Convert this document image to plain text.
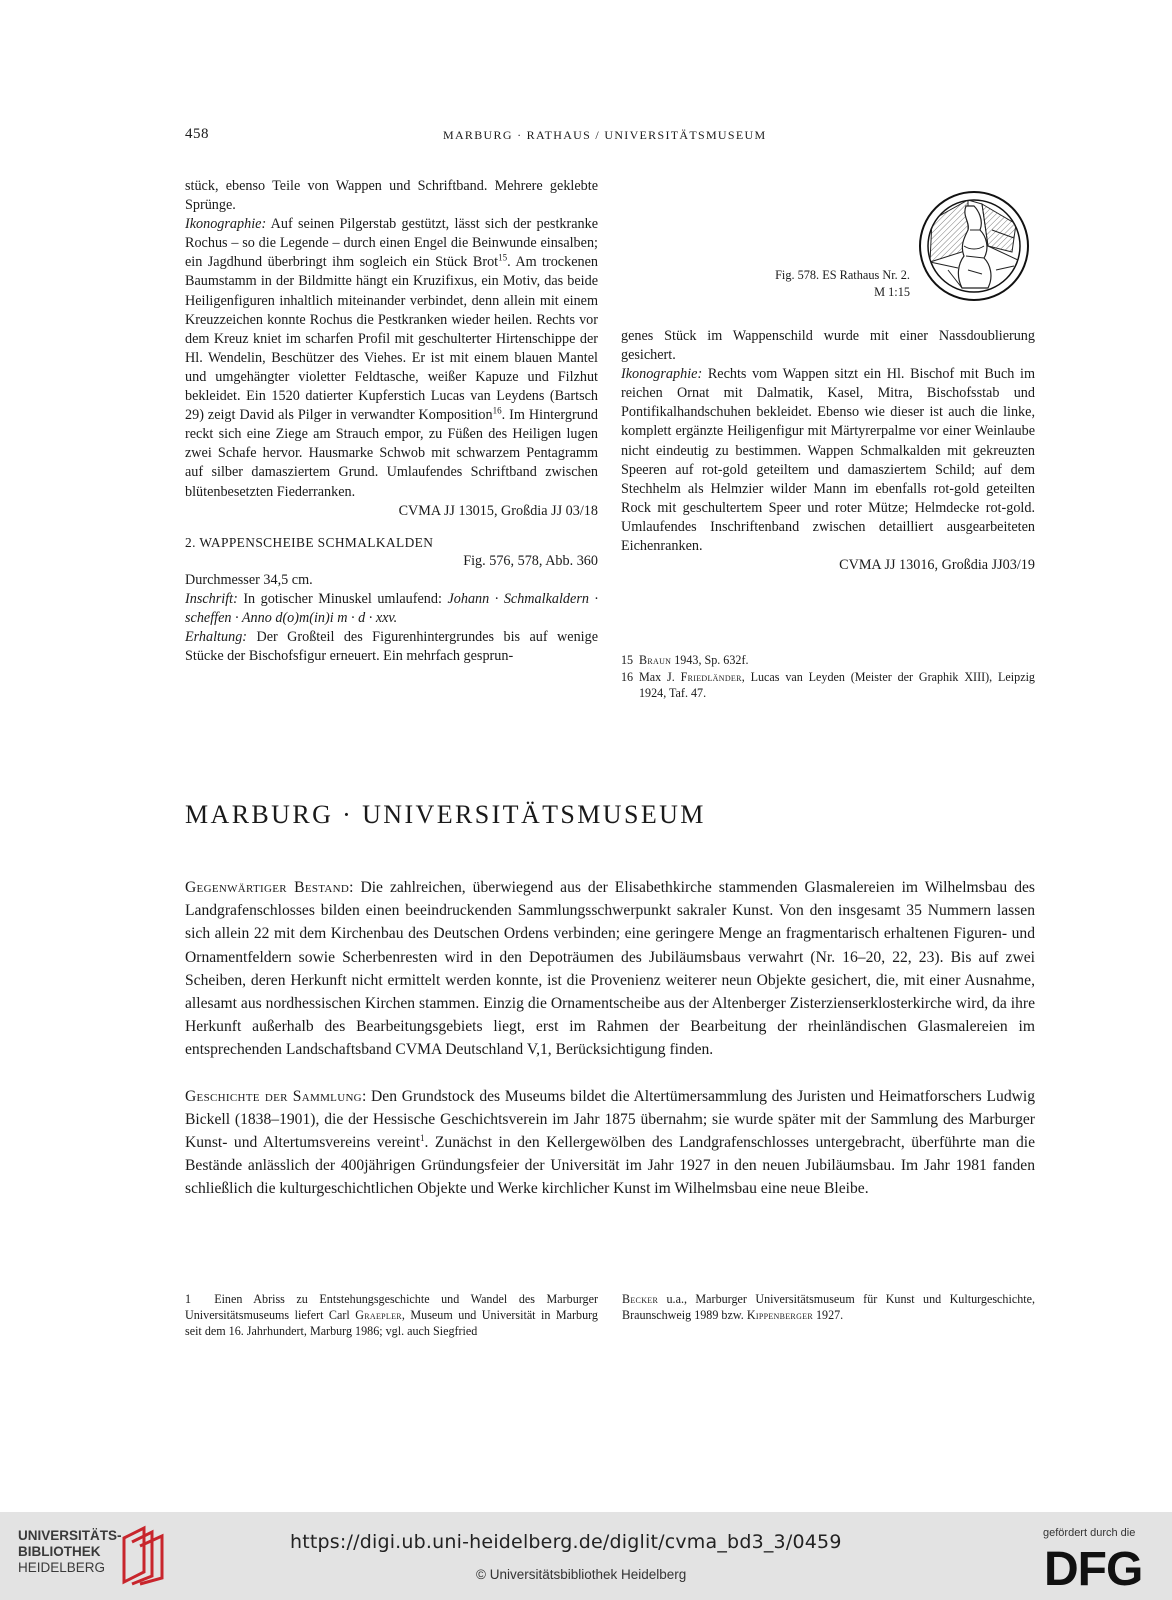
458	MARBURG · RATHAUS / UNIVERSITÄTSMUSEUM

stück, ebenso Teile von Wappen und Schriftband. Mehrere geklebte Sprünge.

Ikonographie: Auf seinen Pilgerstab gestützt, lässt sich der pestkranke Rochus – so die Legende – durch einen Engel die Beinwunde einsalben; ein Jagdhund überbringt ihm sogleich ein Stück Brot$^{15}$. Am trockenen Baumstamm in der Bildmitte hängt ein Kruzifixus, ein Motiv, das beide Heiligenfiguren inhaltlich miteinander verbindet, denn allein mit einem Kreuzzeichen konnte Rochus die Pestkranken wieder heilen. Rechts vor dem Kreuz kniet im scharfen Profil mit geschulterter Hirtenschippe der Hl. Wendelin, Beschützer des Viehes. Er ist mit einem blauen Mantel und umgehängter violetter Feldtasche, weißer Kapuze und Filzhut bekleidet. Ein 1520 datierter Kupferstich Lucas van Leydens (Bartsch 29) zeigt David als Pilger in verwandter Komposition$^{16}$. Im Hintergrund reckt sich eine Ziege am Strauch empor, zu Füßen des Heiligen lugen zwei Schafe hervor. Hausmarke Schwob mit schwarzem Pentagramm auf silber damasziertem Grund. Umlaufendes Schriftband zwischen blütenbesetzten Fiederranken.

CVMA JJ 13015, Großdia JJ 03/18

2. WAPPENSCHEIBE SCHMALKALDEN

Fig. 576, 578, Abb. 360

Durchmesser 34,5 cm.

Inschrift: In gotischer Minuskel umlaufend: Johann · Schmalkaldern · scheffen · Anno d(o)m(in)i m · d · xxv.

Erhaltung: Der Großteil des Figurenhintergrundes bis auf wenige Stücke der Bischofsfigur erneuert. Ein mehrfach gesprun-

Fig. 578. ES Rathaus Nr. 2.
M 1:15

genes Stück im Wappenschild wurde mit einer Nassdoublierung gesichert.

Ikonographie: Rechts vom Wappen sitzt ein Hl. Bischof mit Buch im reichen Ornat mit Dalmatik, Kasel, Mitra, Bischofsstab und Pontifikalhandschuhen bekleidet. Ebenso wie dieser ist auch die linke, komplett ergänzte Heiligenfigur mit Märtyrerpalme vor einer Weinlaube nicht eindeutig zu bestimmen. Wappen Schmalkalden mit gekreuzten Speeren auf rot-gold geteiltem und damasziertem Schild; auf dem Stechhelm als Helmzier wilder Mann im ebenfalls rot-gold geteilten Rock mit geschultertem Speer und roter Mütze; Helmdecke rot-gold. Umlaufendes Inschriftenband zwischen detailliert ausgearbeiteten Eichenranken.

CVMA JJ 13016, Großdia JJ03/19

15 Braun 1943, Sp. 632f.
16 Max J. Friedländer, Lucas van Leyden (Meister der Graphik XIII), Leipzig 1924, Taf. 47.
MARBURG · UNIVERSITÄTSMUSEUM

Gegenwärtiger Bestand: Die zahlreichen, überwiegend aus der Elisabethkirche stammenden Glasmalereien im Wilhelmsbau des Landgrafenschlosses bilden einen beeindruckenden Sammlungsschwerpunkt sakraler Kunst. Von den insgesamt 35 Nummern lassen sich allein 22 mit dem Kirchenbau des Deutschen Ordens verbinden; eine geringere Menge an fragmentarisch erhaltenen Figuren- und Ornamentfeldern sowie Scherbenresten wird in den Depoträumen des Jubiläumsbaus verwahrt (Nr. 16–20, 22, 23). Bis auf zwei Scheiben, deren Herkunft nicht ermittelt werden konnte, ist die Provenienz weiterer neun Objekte gesichert, die, mit einer Ausnahme, allesamt aus nordhessischen Kirchen stammen. Einzig die Ornamentscheibe aus der Altenberger Zisterzienserklosterkirche wird, da ihre Herkunft außerhalb des Bearbeitungsgebiets liegt, erst im Rahmen der Bearbeitung der rheinländischen Glasmalereien im entsprechenden Landschaftsband CVMA Deutschland V,1, Berücksichtigung finden.

Geschichte der Sammlung: Den Grundstock des Museums bildet die Altertümersammlung des Juristen und Heimatforschers Ludwig Bickell (1838–1901), die der Hessische Geschichtsverein im Jahr 1875 übernahm; sie wurde später mit der Sammlung des Marburger Kunst- und Altertumsvereins vereint$^1$. Zunächst in den Kellergewölben des Landgrafenschlosses untergebracht, überführte man die Bestände anlässlich der 400jährigen Gründungsfeier der Universität im Jahr 1927 in den neuen Jubiläumsbau. Im Jahr 1981 fanden schließlich die kulturgeschichtlichen Objekte und Werke kirchlicher Kunst im Wilhelmsbau eine neue Bleibe.

1 Einen Abriss zu Entstehungsgeschichte und Wandel des Marburger Universitätsmuseums liefert Carl Graepler, Museum und Universität in Marburg seit dem 16. Jahrhundert, Marburg 1986; vgl. auch Siegfried
Becker u.a., Marburger Universitätsmuseum für Kunst und Kulturgeschichte, Braunschweig 1989 bzw. Kippenberger 1927.
UNIVERSITÄTS-
BIBLIOTHEK
HEIDELBERG
https://digi.ub.uni-heidelberg.de/diglit/cvma_bd3_3/0459
© Universitätsbibliothek Heidelberg
gefördert durch die
DFG
